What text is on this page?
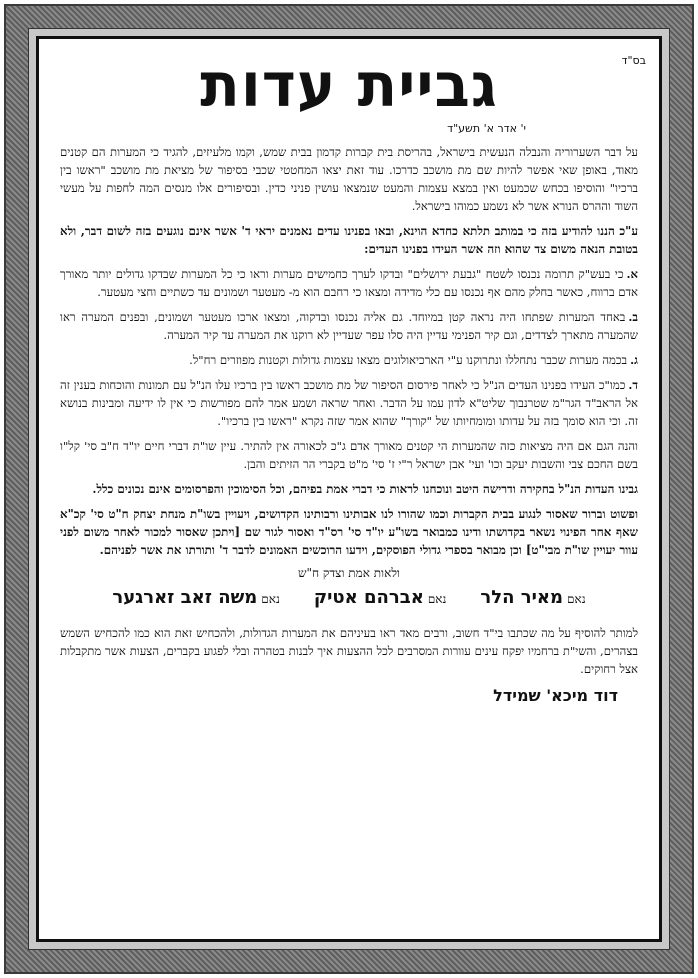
בס"ד
גביית עדות
י' אדר א' תשע"ד

על דבר השערוריה והנבלה הנעשית בישראל, בהריסת בית קברות קדמון בבית שמש, וקמו מלעיזים, להגיד כי המערות הם קטנים מאוד, באופן שאי אפשר להיות שם מת מושכב כדרכו. עוד זאת יצאו המחטטי שכבי בסיפור של מציאת מת מושכב "ראשו בין ברכיו" והוסיפו בכחש שכמעט ואין במצא עצמות והמעט שנמצאו עושין פניני כדין. ובסיפורים אלו מנסים המה לחפות על מעשי השוד וההרס הנורא אשר לא נשמע כמוהו בישראל.

ע"כ הננו להודיע בזה כי במותב תלתא כחדא הוינא, ובאו בפנינו עדים נאמנים יראי ד' אשר אינם נוגעים בזה לשום דבר, ולא בטובת הנאה משום צד שהוא וזה אשר העידו בפנינו העדים:

א.כי בעש"ק תרומה נכנסו לשטח "גבעת ירושלים" ובדקו לערך כחמישים מערות וראו כי כל המערות שבדקו גדולים יותר מאורך אדם ברווח, כאשר בחלק מהם אף נכנסו עם כלי מדידה ומצאו כי רחבם הוא מ- מעטער ושמונים עד כשתיים וחצי מעטער.

ב.באחד המערות שפתחו היה נראה קטן במיוחד. גם אליה נכנסו ובדקוה, ומצאו ארכו מעטער ושמונים, ובפנים המערה ראו שהמערה מתארך לצדדים, וגם קיר הפנימי עדיין היה סלו עפר שעדיין לא רוקנו את המערה עד קיר המערה.

ג.בכמה מערות שכבר נתחללו ונתרוקנו ע"י הארכיאולוגים מצאו עצמות גדולות וקטנות מפוזרים רח"ל.

ד.כמו"כ העידו בפנינו העדים הנ"ל כי לאחר פירסום הסיפור של מת מושכב ראשו בין ברכיו עלו הנ"ל עם תמונות והוכחות בענין זה אל הראב"ד הגר"מ שטרנבוך שליט"א לדון עמו על הדבר. ואחר שראה ושמע אמר להם מפורשות כי אין לו ידיעה ומבינות בנושא זה. וכי הוא סומך בזה על עדותו ומומחיותו של "קורך" שהוא אמר שזה נקרא "ראשו בין ברכיו".

והנה הגם אם היה מציאות כזה שהמערות הי קטנים מאורך אדם ג"כ לכאורה אין להתיר. עיין שו"ת דברי חיים יו"ד ח"ב סי' קל"ו בשם החכם צבי והשבות יעקב וכו' ועי' אבן ישראל ר"י ז' סי' מ"ט בקברי הר הזיתים והבן.

גבינו העדות הנ"ל בחקירה ודרישה היטב ונוכחנו לראות כי דברי אמת בפיהם, וכל הסימוכין והפרסומים אינם נכונים כלל.

ופשוט וברור שאסור לנגוע בבית הקברות וכמו שהורו לנו אבותינו ורבותינו הקדושים, ויעויין בשו"ת מנחת יצחק ח"ט סי' קכ"א שאף אחר הפינוי נשאר בקדושתו ודינו כמבואר בשו"ע יו"ד סי' רס"ד ואסור לגור שם [ויתכן שאסור למכור לאחר משום לפני עוור יעויין שו"ת מבי"ט] וכן מבואר בספרי גדולי הפוסקים, וידעו הרוכשים האמונים לדבר ד' ותורתו את אשר לפניהם.

ולאות אמת וצדק ח"ש
נאם
מאיר הלר
נאם
אברהם אטיק
נאם
משה זאב זארגער

למותר להוסיף על מה שכתבו בי"ד חשוב, ורבים מאד ראו בעיניהם את המערות הגדולות, ולהכחיש זאת הוא כמו להכחיש השמש בצהרים, והשי"ת ברחמיו יפקח עינים עוורות המסרבים לכל ההצעות איך לבנות בטהרה ובלי לפגוע בקברים, הצעות אשר מתקבלות אצל רחוקים.

דוד מיכא' שמידל
